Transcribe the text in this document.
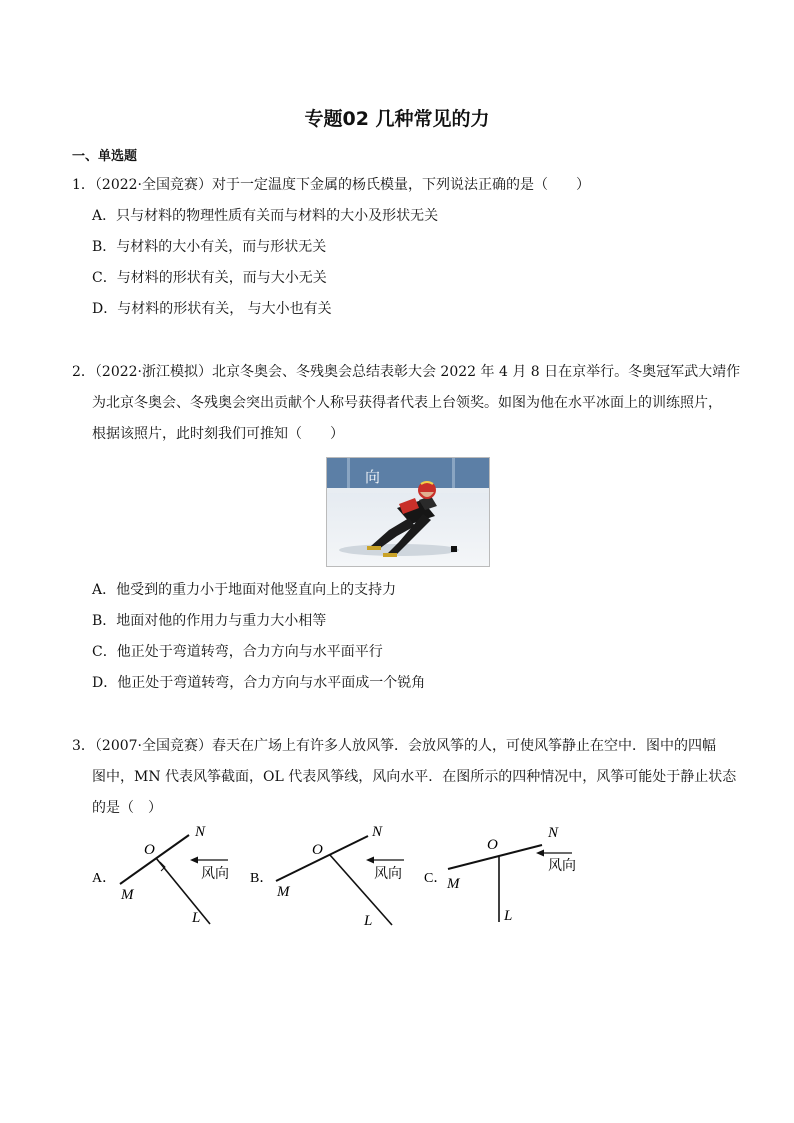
专题02 几种常见的力
一、单选题
1．（2022·全国竞赛）对于一定温度下金属的杨氏模量，下列说法正确的是（　　）
A．只与材料的物理性质有关而与材料的大小及形状无关
B．与材料的大小有关，而与形状无关
C．与材料的形状有关，而与大小无关
D．与材料的形状有关， 与大小也有关
2．（2022·浙江模拟）北京冬奥会、冬残奥会总结表彰大会 2022 年 4 月 8 日在京举行。冬奥冠军武大靖作
为北京冬奥会、冬残奥会突出贡献个人称号获得者代表上台领奖。如图为他在水平冰面上的训练照片，
根据该照片，此时刻我们可推知（　　）
向
A．他受到的重力小于地面对他竖直向上的支持力
B．地面对他的作用力与重力大小相等
C．他正处于弯道转弯，合力方向与水平面平行
D．他正处于弯道转弯，合力方向与水平面成一个锐角
3．（2007·全国竞赛）春天在广场上有许多人放风筝．会放风筝的人，可使风筝静止在空中．图中的四幅
图中，MN 代表风筝截面，OL 代表风筝线，风向水平．在图所示的四种情况中，风筝可能处于静止状态
的是（　）
A．
O
N
M
L
风向 B．
O
N
M
L
风向 C．
O
N
M
L
风向
